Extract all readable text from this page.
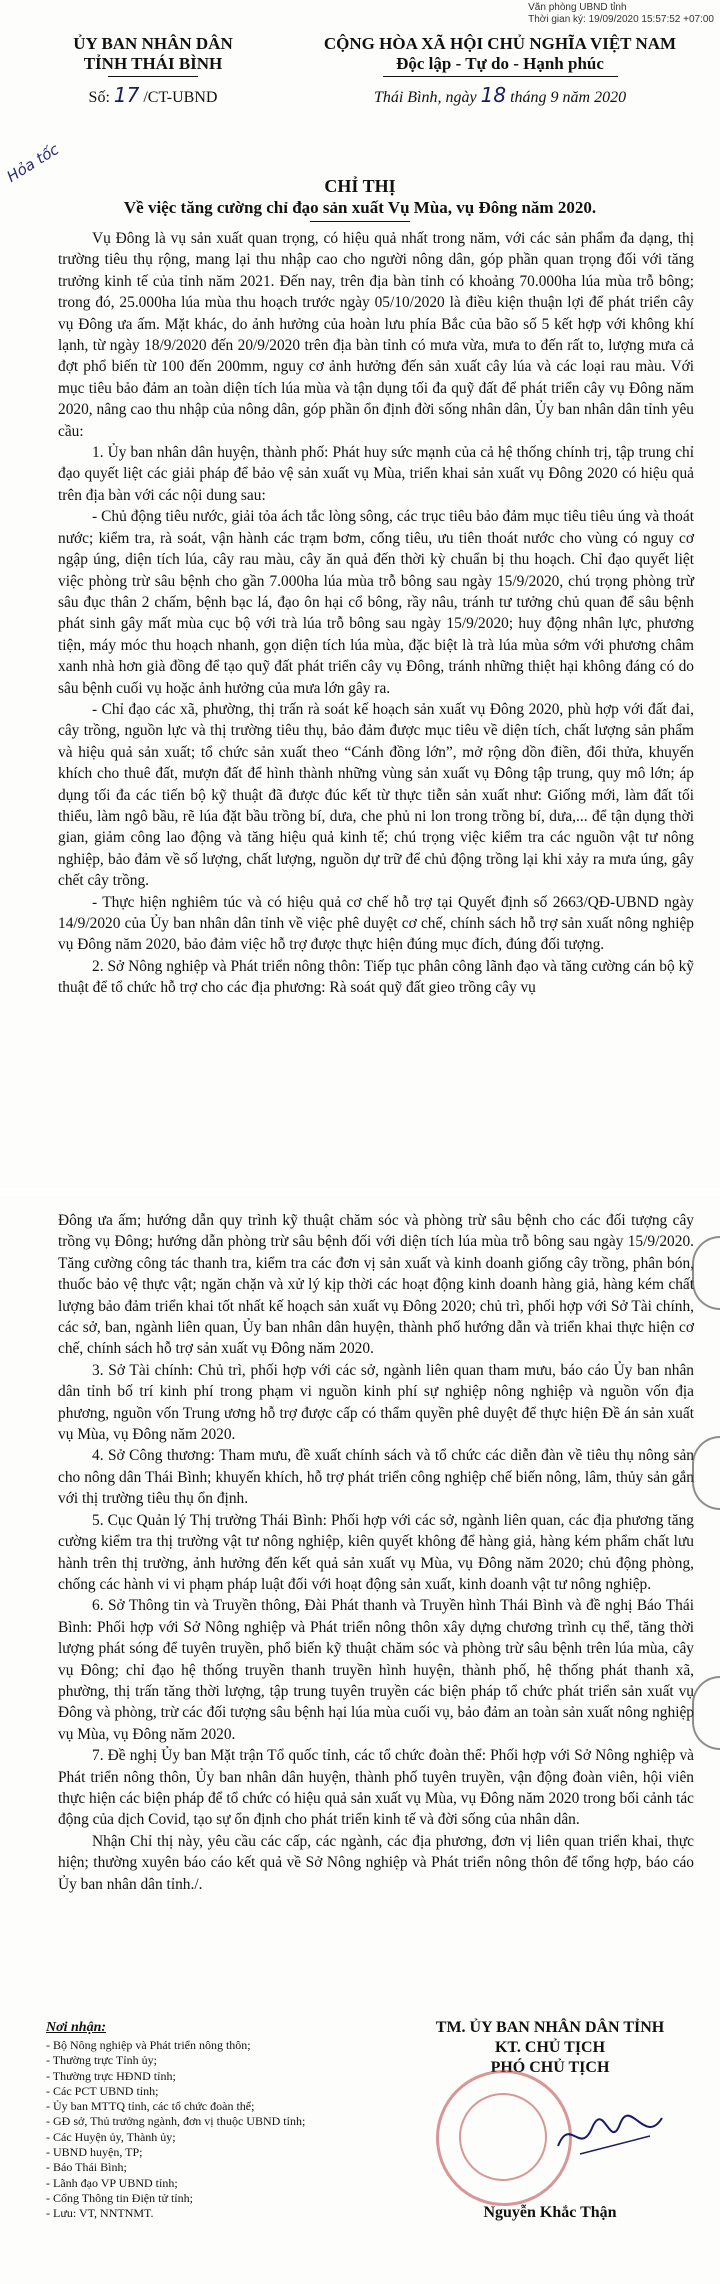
Văn phòng UBND tỉnh
Thời gian ký: 19/09/2020 15:57:52 +07:00
ỦY BAN NHÂN DÂN
TỈNH THÁI BÌNH
Số: 17 /CT-UBND
CỘNG HÒA XÃ HỘI CHỦ NGHĨA VIỆT NAM
Độc lập - Tự do - Hạnh phúc
Thái Bình, ngày 18 tháng 9 năm 2020
Hỏa tốc
CHỈ THỊ
Về việc tăng cường chỉ đạo sản xuất Vụ Mùa, vụ Đông năm 2020.

Vụ Đông là vụ sản xuất quan trọng, có hiệu quả nhất trong năm, với các sản phẩm đa dạng, thị trường tiêu thụ rộng, mang lại thu nhập cao cho người nông dân, góp phần quan trọng đối với tăng trưởng kinh tế của tỉnh năm 2021. Đến nay, trên địa bàn tỉnh có khoảng 70.000ha lúa mùa trỗ bông; trong đó, 25.000ha lúa mùa thu hoạch trước ngày 05/10/2020 là điều kiện thuận lợi để phát triển cây vụ Đông ưa ấm. Mặt khác, do ảnh hưởng của hoàn lưu phía Bắc của bão số 5 kết hợp với không khí lạnh, từ ngày 18/9/2020 đến 20/9/2020 trên địa bàn tỉnh có mưa vừa, mưa to đến rất to, lượng mưa cả đợt phổ biến từ 100 đến 200mm, nguy cơ ảnh hưởng đến sản xuất cây lúa và các loại rau màu. Với mục tiêu bảo đảm an toàn diện tích lúa mùa và tận dụng tối đa quỹ đất để phát triển cây vụ Đông năm 2020, nâng cao thu nhập của nông dân, góp phần ổn định đời sống nhân dân, Ủy ban nhân dân tỉnh yêu cầu:

1. Ủy ban nhân dân huyện, thành phố: Phát huy sức mạnh của cả hệ thống chính trị, tập trung chỉ đạo quyết liệt các giải pháp để bảo vệ sản xuất vụ Mùa, triển khai sản xuất vụ Đông 2020 có hiệu quả trên địa bàn với các nội dung sau:

- Chủ động tiêu nước, giải tỏa ách tắc lòng sông, các trục tiêu bảo đảm mục tiêu tiêu úng và thoát nước; kiểm tra, rà soát, vận hành các trạm bơm, cống tiêu, ưu tiên thoát nước cho vùng có nguy cơ ngập úng, diện tích lúa, cây rau màu, cây ăn quả đến thời kỳ chuẩn bị thu hoạch. Chỉ đạo quyết liệt việc phòng trừ sâu bệnh cho gần 7.000ha lúa mùa trỗ bông sau ngày 15/9/2020, chú trọng phòng trừ sâu đục thân 2 chấm, bệnh bạc lá, đạo ôn hại cổ bông, rầy nâu, tránh tư tưởng chủ quan để sâu bệnh phát sinh gây mất mùa cục bộ với trà lúa trỗ bông sau ngày 15/9/2020; huy động nhân lực, phương tiện, máy móc thu hoạch nhanh, gọn diện tích lúa mùa, đặc biệt là trà lúa mùa sớm với phương châm xanh nhà hơn già đồng để tạo quỹ đất phát triển cây vụ Đông, tránh những thiệt hại không đáng có do sâu bệnh cuối vụ hoặc ảnh hưởng của mưa lớn gây ra.

- Chỉ đạo các xã, phường, thị trấn rà soát kế hoạch sản xuất vụ Đông 2020, phù hợp với đất đai, cây trồng, nguồn lực và thị trường tiêu thụ, bảo đảm được mục tiêu về diện tích, chất lượng sản phẩm và hiệu quả sản xuất; tổ chức sản xuất theo “Cánh đồng lớn”, mở rộng dồn điền, đổi thửa, khuyến khích cho thuê đất, mượn đất để hình thành những vùng sản xuất vụ Đông tập trung, quy mô lớn; áp dụng tối đa các tiến bộ kỹ thuật đã được đúc kết từ thực tiễn sản xuất như: Giống mới, làm đất tối thiểu, làm ngô bầu, rẽ lúa đặt bầu trồng bí, dưa, che phủ ni lon trong trồng bí, dưa,... để tận dụng thời gian, giảm công lao động và tăng hiệu quả kinh tế; chú trọng việc kiểm tra các nguồn vật tư nông nghiệp, bảo đảm về số lượng, chất lượng, nguồn dự trữ để chủ động trồng lại khi xảy ra mưa úng, gây chết cây trồng.

- Thực hiện nghiêm túc và có hiệu quả cơ chế hỗ trợ tại Quyết định số 2663/QĐ-UBND ngày 14/9/2020 của Ủy ban nhân dân tỉnh về việc phê duyệt cơ chế, chính sách hỗ trợ sản xuất nông nghiệp vụ Đông năm 2020, bảo đảm việc hỗ trợ được thực hiện đúng mục đích, đúng đối tượng.

2. Sở Nông nghiệp và Phát triển nông thôn: Tiếp tục phân công lãnh đạo và tăng cường cán bộ kỹ thuật để tổ chức hỗ trợ cho các địa phương: Rà soát quỹ đất gieo trồng cây vụ

Đông ưa ấm; hướng dẫn quy trình kỹ thuật chăm sóc và phòng trừ sâu bệnh cho các đối tượng cây trồng vụ Đông; hướng dẫn phòng trừ sâu bệnh đối với diện tích lúa mùa trỗ bông sau ngày 15/9/2020. Tăng cường công tác thanh tra, kiểm tra các đơn vị sản xuất và kinh doanh giống cây trồng, phân bón, thuốc bảo vệ thực vật; ngăn chặn và xử lý kịp thời các hoạt động kinh doanh hàng giả, hàng kém chất lượng bảo đảm triển khai tốt nhất kế hoạch sản xuất vụ Đông 2020; chủ trì, phối hợp với Sở Tài chính, các sở, ban, ngành liên quan, Ủy ban nhân dân huyện, thành phố hướng dẫn và triển khai thực hiện cơ chế, chính sách hỗ trợ sản xuất vụ Đông năm 2020.

3. Sở Tài chính: Chủ trì, phối hợp với các sở, ngành liên quan tham mưu, báo cáo Ủy ban nhân dân tỉnh bố trí kinh phí trong phạm vi nguồn kinh phí sự nghiệp nông nghiệp và nguồn vốn địa phương, nguồn vốn Trung ương hỗ trợ được cấp có thẩm quyền phê duyệt để thực hiện Đề án sản xuất vụ Mùa, vụ Đông năm 2020.

4. Sở Công thương: Tham mưu, đề xuất chính sách và tổ chức các diễn đàn về tiêu thụ nông sản cho nông dân Thái Bình; khuyến khích, hỗ trợ phát triển công nghiệp chế biến nông, lâm, thủy sản gắn với thị trường tiêu thụ ổn định.

5. Cục Quản lý Thị trường Thái Bình: Phối hợp với các sở, ngành liên quan, các địa phương tăng cường kiểm tra thị trường vật tư nông nghiệp, kiên quyết không để hàng giả, hàng kém phẩm chất lưu hành trên thị trường, ảnh hưởng đến kết quả sản xuất vụ Mùa, vụ Đông năm 2020; chủ động phòng, chống các hành vi vi phạm pháp luật đối với hoạt động sản xuất, kinh doanh vật tư nông nghiệp.

6. Sở Thông tin và Truyền thông, Đài Phát thanh và Truyền hình Thái Bình và đề nghị Báo Thái Bình: Phối hợp với Sở Nông nghiệp và Phát triển nông thôn xây dựng chương trình cụ thể, tăng thời lượng phát sóng để tuyên truyền, phổ biến kỹ thuật chăm sóc và phòng trừ sâu bệnh trên lúa mùa, cây vụ Đông; chỉ đạo hệ thống truyền thanh truyền hình huyện, thành phố, hệ thống phát thanh xã, phường, thị trấn tăng thời lượng, tập trung tuyên truyền các biện pháp tổ chức phát triển sản xuất vụ Đông và phòng, trừ các đối tượng sâu bệnh hại lúa mùa cuối vụ, bảo đảm an toàn sản xuất nông nghiệp vụ Mùa, vụ Đông năm 2020.

7. Đề nghị Ủy ban Mặt trận Tổ quốc tỉnh, các tổ chức đoàn thể: Phối hợp với Sở Nông nghiệp và Phát triển nông thôn, Ủy ban nhân dân huyện, thành phố tuyên truyền, vận động đoàn viên, hội viên thực hiện các biện pháp để tổ chức có hiệu quả sản xuất vụ Mùa, vụ Đông năm 2020 trong bối cảnh tác động của dịch Covid, tạo sự ổn định cho phát triển kinh tế và đời sống của nhân dân.

Nhận Chỉ thị này, yêu cầu các cấp, các ngành, các địa phương, đơn vị liên quan triển khai, thực hiện; thường xuyên báo cáo kết quả về Sở Nông nghiệp và Phát triển nông thôn để tổng hợp, báo cáo Ủy ban nhân dân tỉnh./.

Nơi nhận:
- Bộ Nông nghiệp và Phát triển nông thôn;
- Thường trực Tỉnh ủy;
- Thường trực HĐND tỉnh;
- Các PCT UBND tỉnh;
- Ủy ban MTTQ tỉnh, các tổ chức đoàn thể;
- GĐ sở, Thủ trưởng ngành, đơn vị thuộc UBND tỉnh;
- Các Huyện ủy, Thành ủy;
- UBND huyện, TP;
- Báo Thái Bình;
- Lãnh đạo VP UBND tỉnh;
- Cổng Thông tin Điện tử tỉnh;
- Lưu: VT, NNTNMT.
TM. ỦY BAN NHÂN DÂN TỈNH
KT. CHỦ TỊCH
PHÓ CHỦ TỊCH
Nguyễn Khắc Thận
